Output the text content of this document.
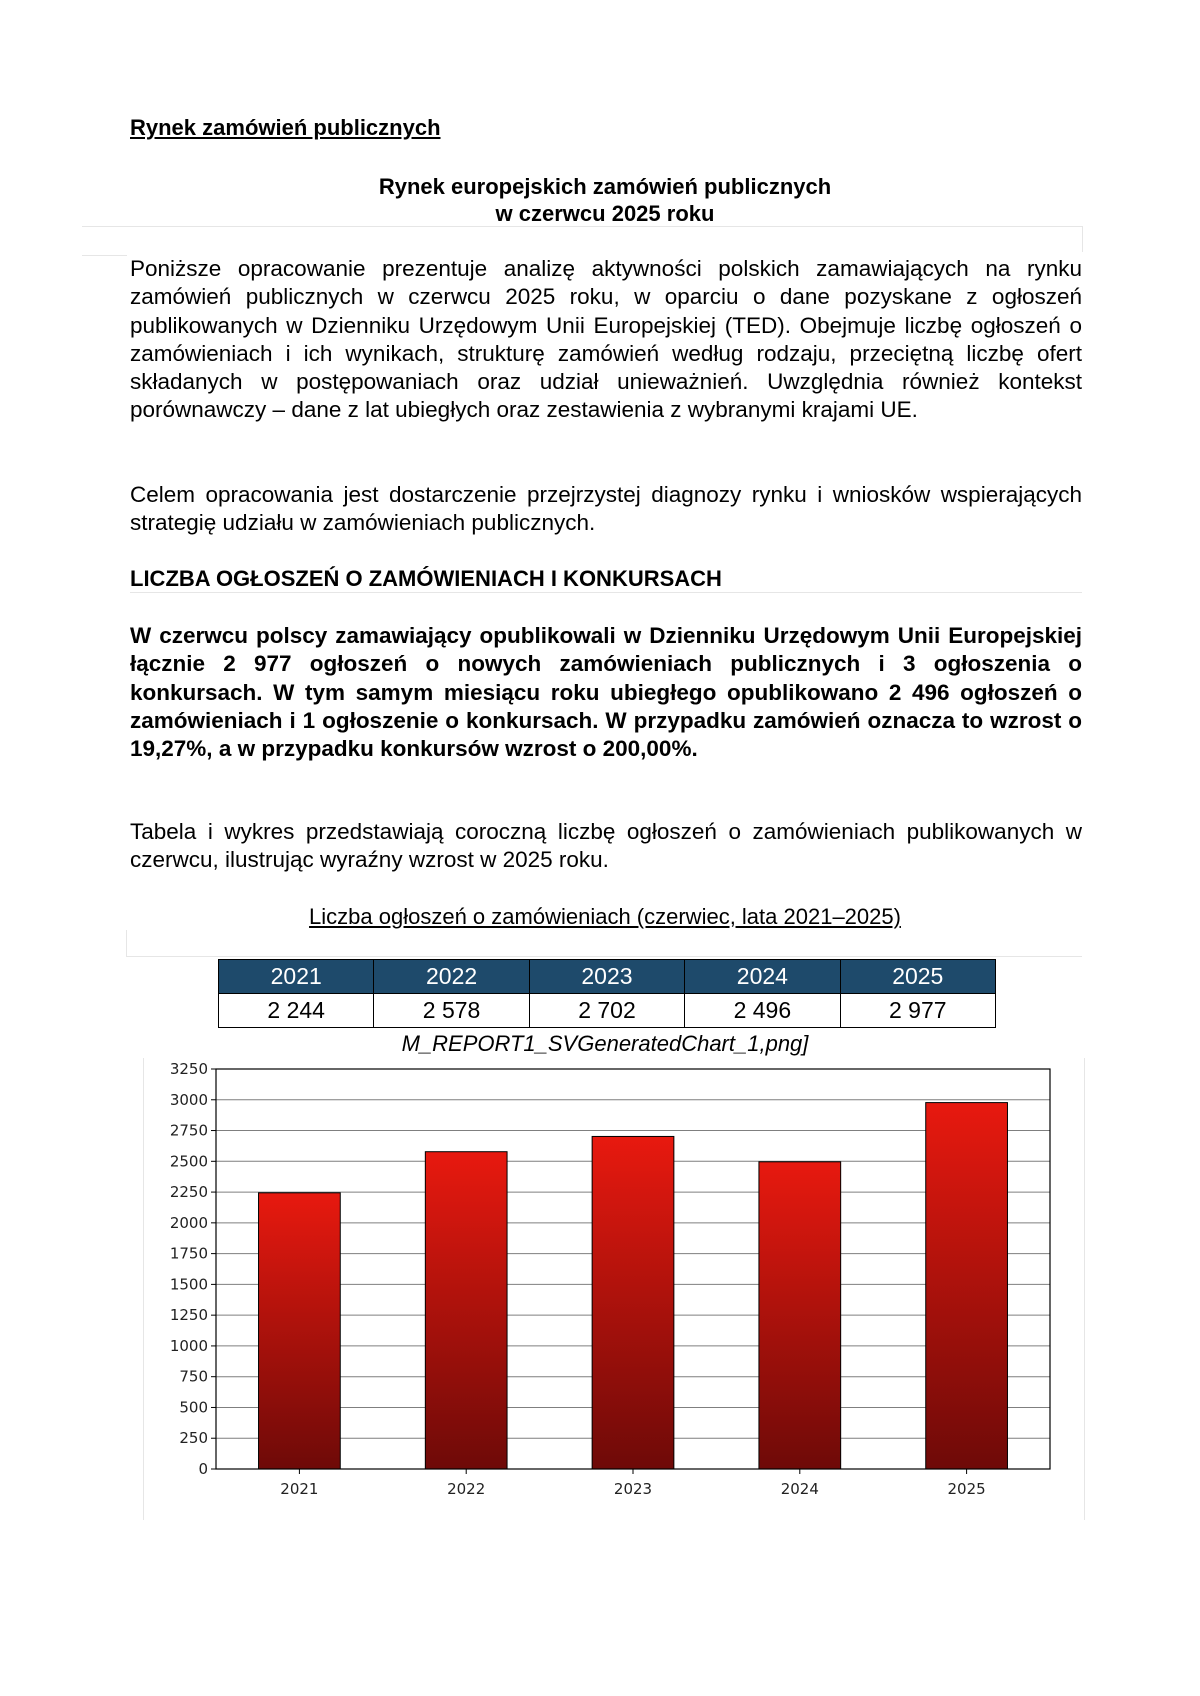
Rynek zamówień publicznych
Rynek europejskich zamówień publicznych
w czerwcu 2025 roku
Poniższe opracowanie prezentuje analizę aktywności polskich zamawiających na rynku zamówień publicznych w czerwcu 2025 roku, w oparciu o dane pozyskane z ogłoszeń publikowanych w Dzienniku Urzędowym Unii Europejskiej (TED). Obejmuje liczbę ogłoszeń o zamówieniach i ich wynikach, strukturę zamówień według rodzaju, przeciętną liczbę ofert składanych w postępowaniach oraz udział unieważnień. Uwzględnia również kontekst porównawczy – dane z lat ubiegłych oraz zestawienia z wybranymi krajami UE.
Celem opracowania jest dostarczenie przejrzystej diagnozy rynku i wniosków wspierających strategię udziału w zamówieniach publicznych.
LICZBA OGŁOSZEŃ O ZAMÓWIENIACH I KONKURSACH
W czerwcu polscy zamawiający opublikowali w Dzienniku Urzędowym Unii Europejskiej łącznie 2 977 ogłoszeń o nowych zamówieniach publicznych i 3 ogłoszenia o konkursach. W tym samym miesiącu roku ubiegłego opublikowano 2 496 ogłoszeń o zamówieniach i 1 ogłoszenie o konkursach. W przypadku zamówień oznacza to wzrost o 19,27%, a w przypadku konkursów wzrost o 200,00%.
Tabela i wykres przedstawiają coroczną liczbę ogłoszeń o zamówieniach publikowanych w czerwcu, ilustrując wyraźny wzrost w 2025 roku.
Liczba ogłoszeń o zamówieniach (czerwiec, lata 2021–2025)
2021	2022	2023	2024	2025
2 244	2 578	2 702	2 496	2 977
M_REPORT1_SVGeneratedChart_1,png]
0
250
500
750
1000
1250
1500
1750
2000
2250
2500
2750
3000
3250
2021	2022	2023	2024	2025
